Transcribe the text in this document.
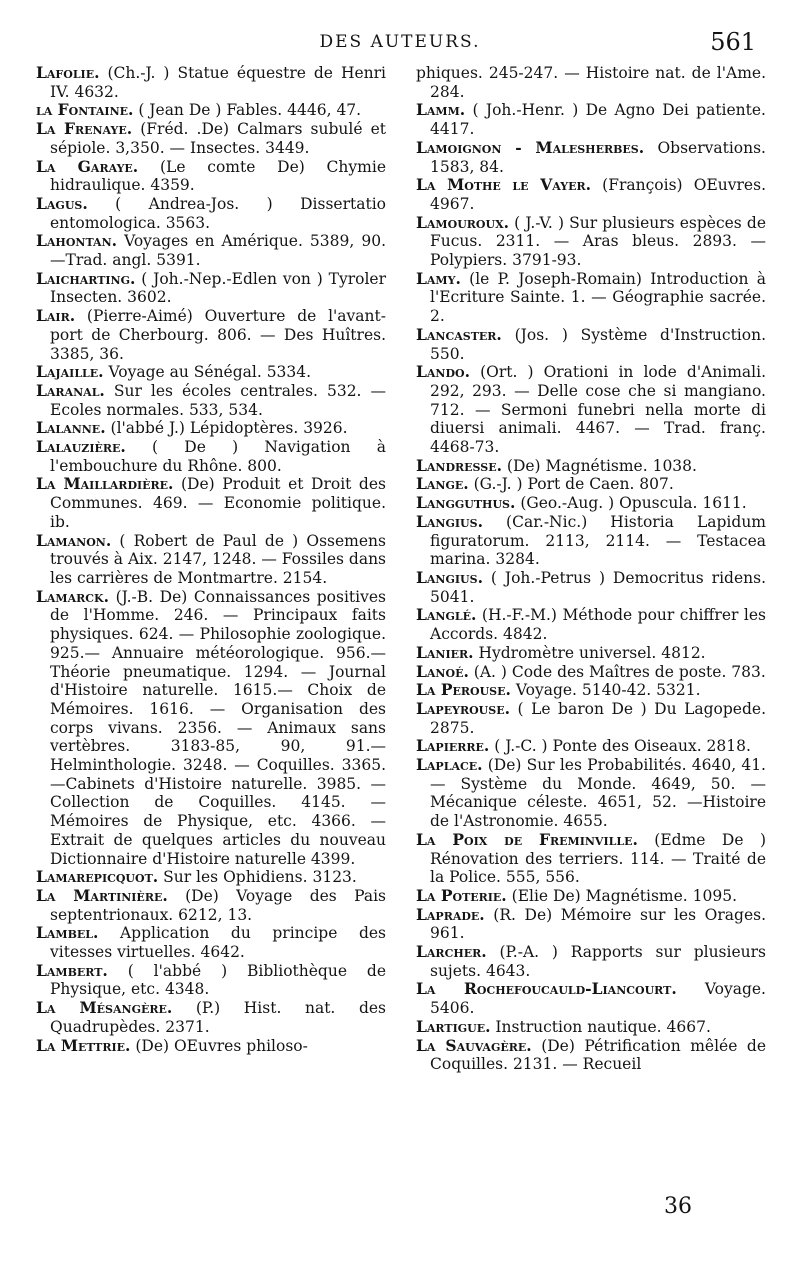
DES AUTEURS.	561

Lafolie. (Ch.-J. ) Statue équestre de Henri IV. 4632.

la Fontaine. ( Jean De ) Fables. 4446, 47.

La Frenaye. (Fréd. .De) Calmars subulé et sépiole. 3,350. — Insectes. 3449.

La Garaye. (Le comte De) Chymie hidraulique. 4359.

Lagus. ( Andrea-Jos. ) Dissertatio entomologica. 3563.

Lahontan. Voyages en Amérique. 5389, 90. —Trad. angl. 5391.

Laicharting. ( Joh.-Nep.-Edlen von ) Tyroler Insecten. 3602.

Lair. (Pierre-Aimé) Ouverture de l'avant-port de Cherbourg. 806. — Des Huîtres. 3385, 36.

Lajaille. Voyage au Sénégal. 5334.

Laranal. Sur les écoles centrales. 532. — Ecoles normales. 533, 534.

Lalanne. (l'abbé J.) Lépidoptères. 3926.

Lalauzière. ( De ) Navigation à l'embouchure du Rhône. 800.

La Maillardière. (De) Produit et Droit des Communes. 469. — Economie politique. ib.

Lamanon. ( Robert de Paul de ) Ossemens trouvés à Aix. 2147, 1248. — Fossiles dans les carrières de Montmartre. 2154.

Lamarck. (J.-B. De) Connaissances positives de l'Homme. 246. — Principaux faits physiques. 624. — Philosophie zoologique. 925.— Annuaire météorologique. 956.— Théorie pneumatique. 1294. — Journal d'Histoire naturelle. 1615.— Choix de Mémoires. 1616. — Organisation des corps vivans. 2356. — Animaux sans vertèbres. 3183-85, 90, 91.— Helminthologie. 3248. — Coquilles. 3365. —Cabinets d'Histoire naturelle. 3985. — Collection de Coquilles. 4145. — Mémoires de Physique, etc. 4366. — Extrait de quelques articles du nouveau Dictionnaire d'Histoire naturelle 4399.

Lamarepicquot. Sur les Ophidiens. 3123.

La Martinière. (De) Voyage des Pais septentrionaux. 6212, 13.

Lambel. Application du principe des vitesses virtuelles. 4642.

Lambert. ( l'abbé ) Bibliothèque de Physique, etc. 4348.

La Mésangère. (P.) Hist. nat. des Quadrupèdes. 2371.

La Mettrie. (De) OEuvres philoso-

phiques. 245-247. — Histoire nat. de l'Ame. 284.

Lamm. ( Joh.-Henr. ) De Agno Dei patiente. 4417.

Lamoignon - Malesherbes. Observations. 1583, 84.

La Mothe le Vayer. (François) OEuvres. 4967.

Lamouroux. ( J.-V. ) Sur plusieurs espèces de Fucus. 2311. — Aras bleus. 2893. — Polypiers. 3791-93.

Lamy. (le P. Joseph-Romain) Introduction à l'Ecriture Sainte. 1. — Géographie sacrée. 2.

Lancaster. (Jos. ) Système d'Instruction. 550.

Lando. (Ort. ) Orationi in lode d'Animali. 292, 293. — Delle cose che si mangiano. 712. — Sermoni funebri nella morte di diuersi animali. 4467. — Trad. franç. 4468-73.

Landresse. (De) Magnétisme. 1038.

Lange. (G.-J. ) Port de Caen. 807.

Langguthus. (Geo.-Aug. ) Opuscula. 1611.

Langius. (Car.-Nic.) Historia Lapidum figuratorum. 2113, 2114. — Testacea marina. 3284.

Langius. ( Joh.-Petrus ) Democritus ridens. 5041.

Langlé. (H.-F.-M.) Méthode pour chiffrer les Accords. 4842.

Lanier. Hydromètre universel. 4812.

Lanoé. (A. ) Code des Maîtres de poste. 783.

La Perouse. Voyage. 5140-42. 5321.

Lapeyrouse. ( Le baron De ) Du Lagopede. 2875.

Lapierre. ( J.-C. ) Ponte des Oiseaux. 2818.

Laplace. (De) Sur les Probabilités. 4640, 41. — Système du Monde. 4649, 50. — Mécanique céleste. 4651, 52. —Histoire de l'Astronomie. 4655.

La Poix de Freminville. (Edme De ) Rénovation des terriers. 114. — Traité de la Police. 555, 556.

La Poterie. (Elie De) Magnétisme. 1095.

Laprade. (R. De) Mémoire sur les Orages. 961.

Larcher. (P.-A. ) Rapports sur plusieurs sujets. 4643.

La Rochefoucauld-Liancourt. Voyage. 5406.

Lartigue. Instruction nautique. 4667.

La Sauvagère. (De) Pétrification mêlée de Coquilles. 2131. — Recueil

36
